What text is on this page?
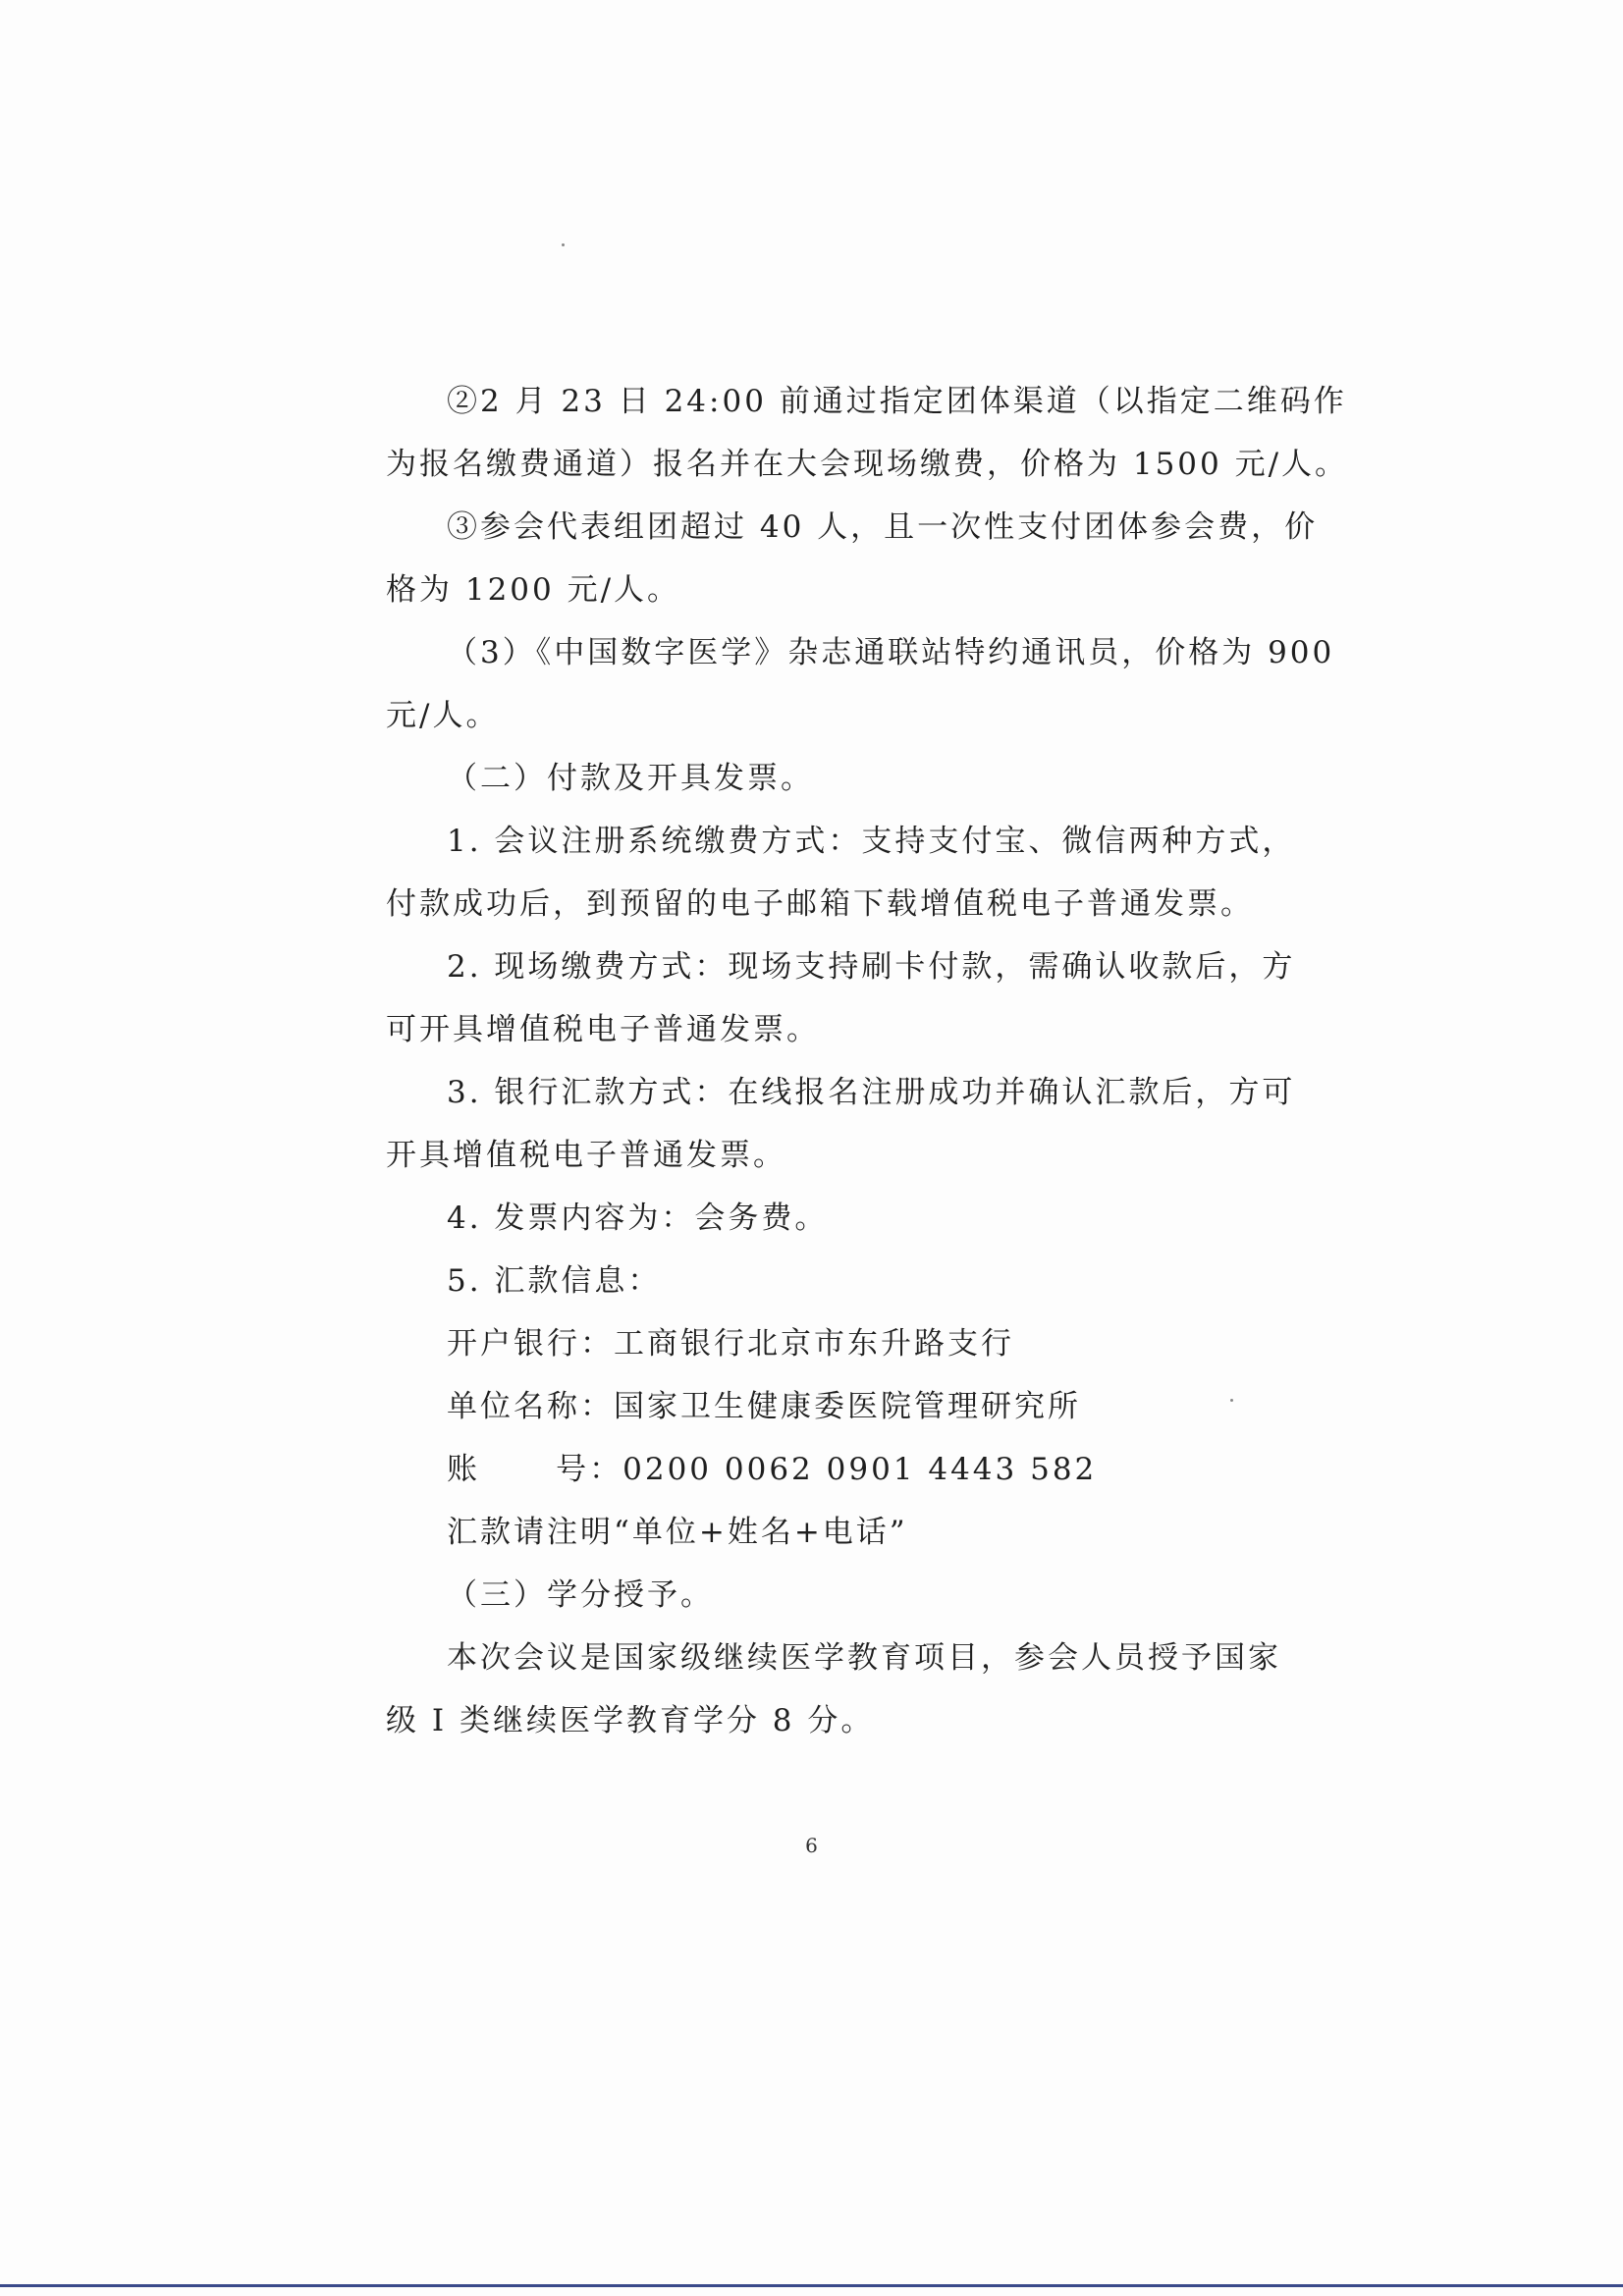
②2 月 23 日 24:00 前通过指定团体渠道（以指定二维码作

为报名缴费通道）报名并在大会现场缴费，价格为 1500 元/人。

③参会代表组团超过 40 人，且一次性支付团体参会费，价

格为 1200 元/人。

（3）《中国数字医学》杂志通联站特约通讯员，价格为 900

元/人。

（二）付款及开具发票。

1. 会议注册系统缴费方式：支持支付宝、微信两种方式，

付款成功后，到预留的电子邮箱下载增值税电子普通发票。

2. 现场缴费方式：现场支持刷卡付款，需确认收款后，方

可开具增值税电子普通发票。

3. 银行汇款方式：在线报名注册成功并确认汇款后，方可

开具增值税电子普通发票。

4. 发票内容为：会务费。

5. 汇款信息：

开户银行：工商银行北京市东升路支行

单位名称：国家卫生健康委医院管理研究所

账      号：0200 0062 0901 4443 582

汇款请注明“单位+姓名+电话”

（三）学分授予。

本次会议是国家级继续医学教育项目，参会人员授予国家

级 I 类继续医学教育学分 8 分。

6
